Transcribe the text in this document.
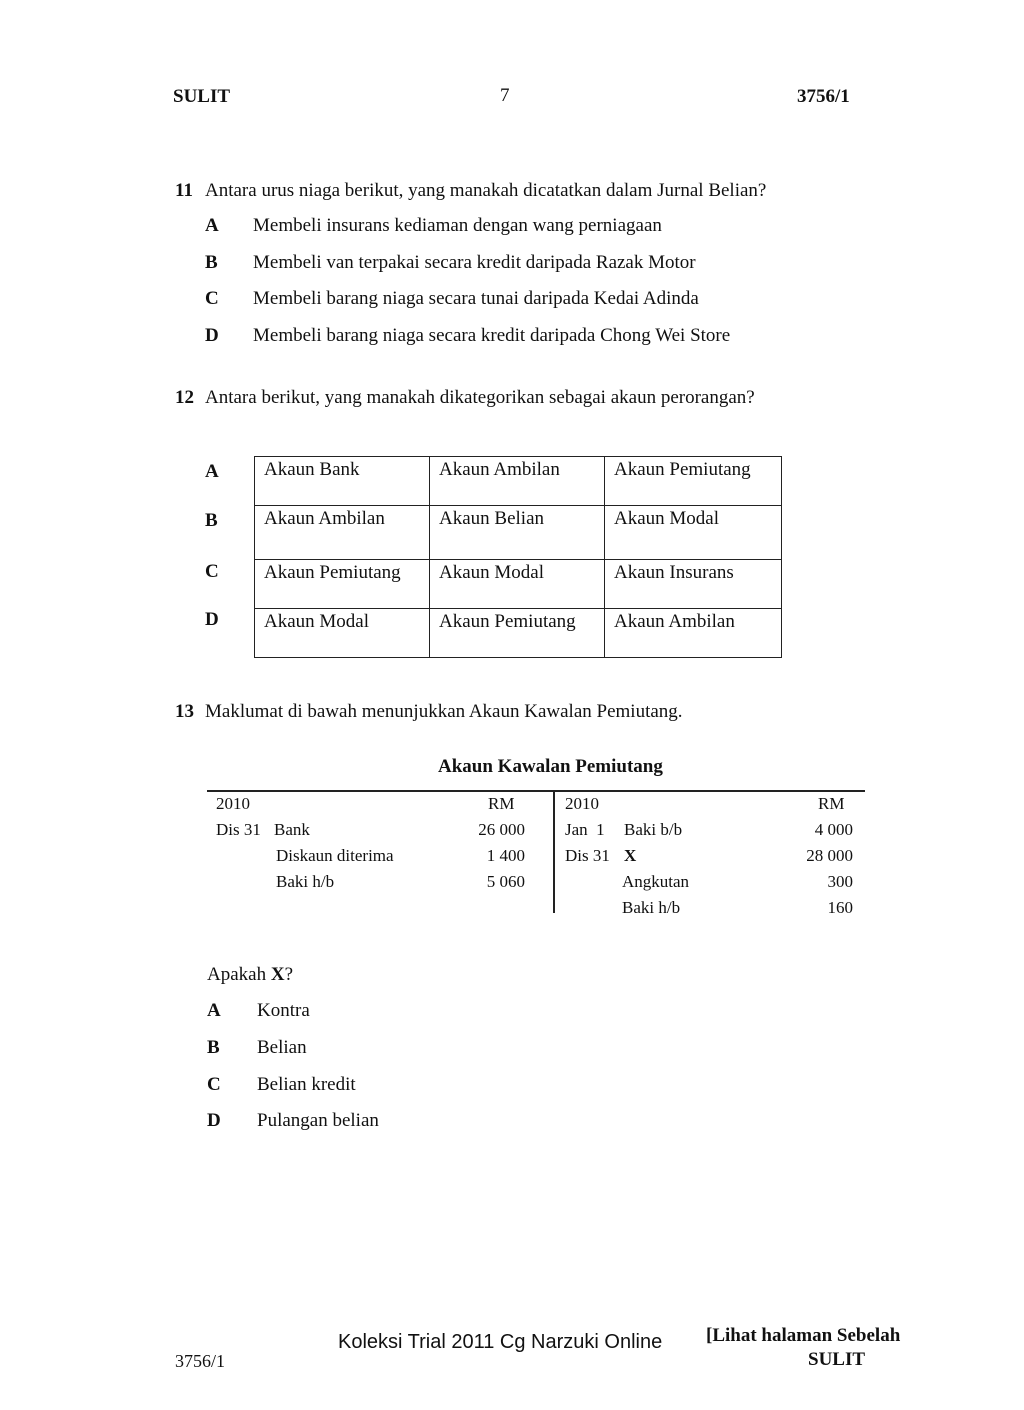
SULIT	7	3756/1
11 Antara urus niaga berikut, yang manakah dicatatkan dalam Jurnal Belian?
A Membeli insurans kediaman dengan wang perniagaan
B Membeli van terpakai secara kredit daripada Razak Motor
C Membeli barang niaga secara tunai daripada Kedai Adinda
D Membeli barang niaga secara kredit daripada Chong Wei Store
12 Antara berikut, yang manakah dikategorikan sebagai akaun perorangan?
A
B
C
D
Akaun Bank	Akaun Ambilan	Akaun Pemiutang
Akaun Ambilan	Akaun Belian	Akaun Modal
Akaun Pemiutang	Akaun Modal	Akaun Insurans
Akaun Modal	Akaun Pemiutang	Akaun Ambilan
13 Maklumat di bawah menunjukkan Akaun Kawalan Pemiutang.
Akaun Kawalan Pemiutang
2010	RM
Dis 31 Bank	26 000
Diskaun diterima	1 400
Baki h/b	5 060
2010	RM
Jan  1 Baki b/b	4 000
Dis 31 X	28 000
Angkutan	300
Baki h/b	160
Apakah X?
A Kontra
B Belian
C Belian kredit
D Pulangan belian
3756/1
Koleksi Trial 2011 Cg Narzuki Online [Lihat halaman Sebelah
SULIT
